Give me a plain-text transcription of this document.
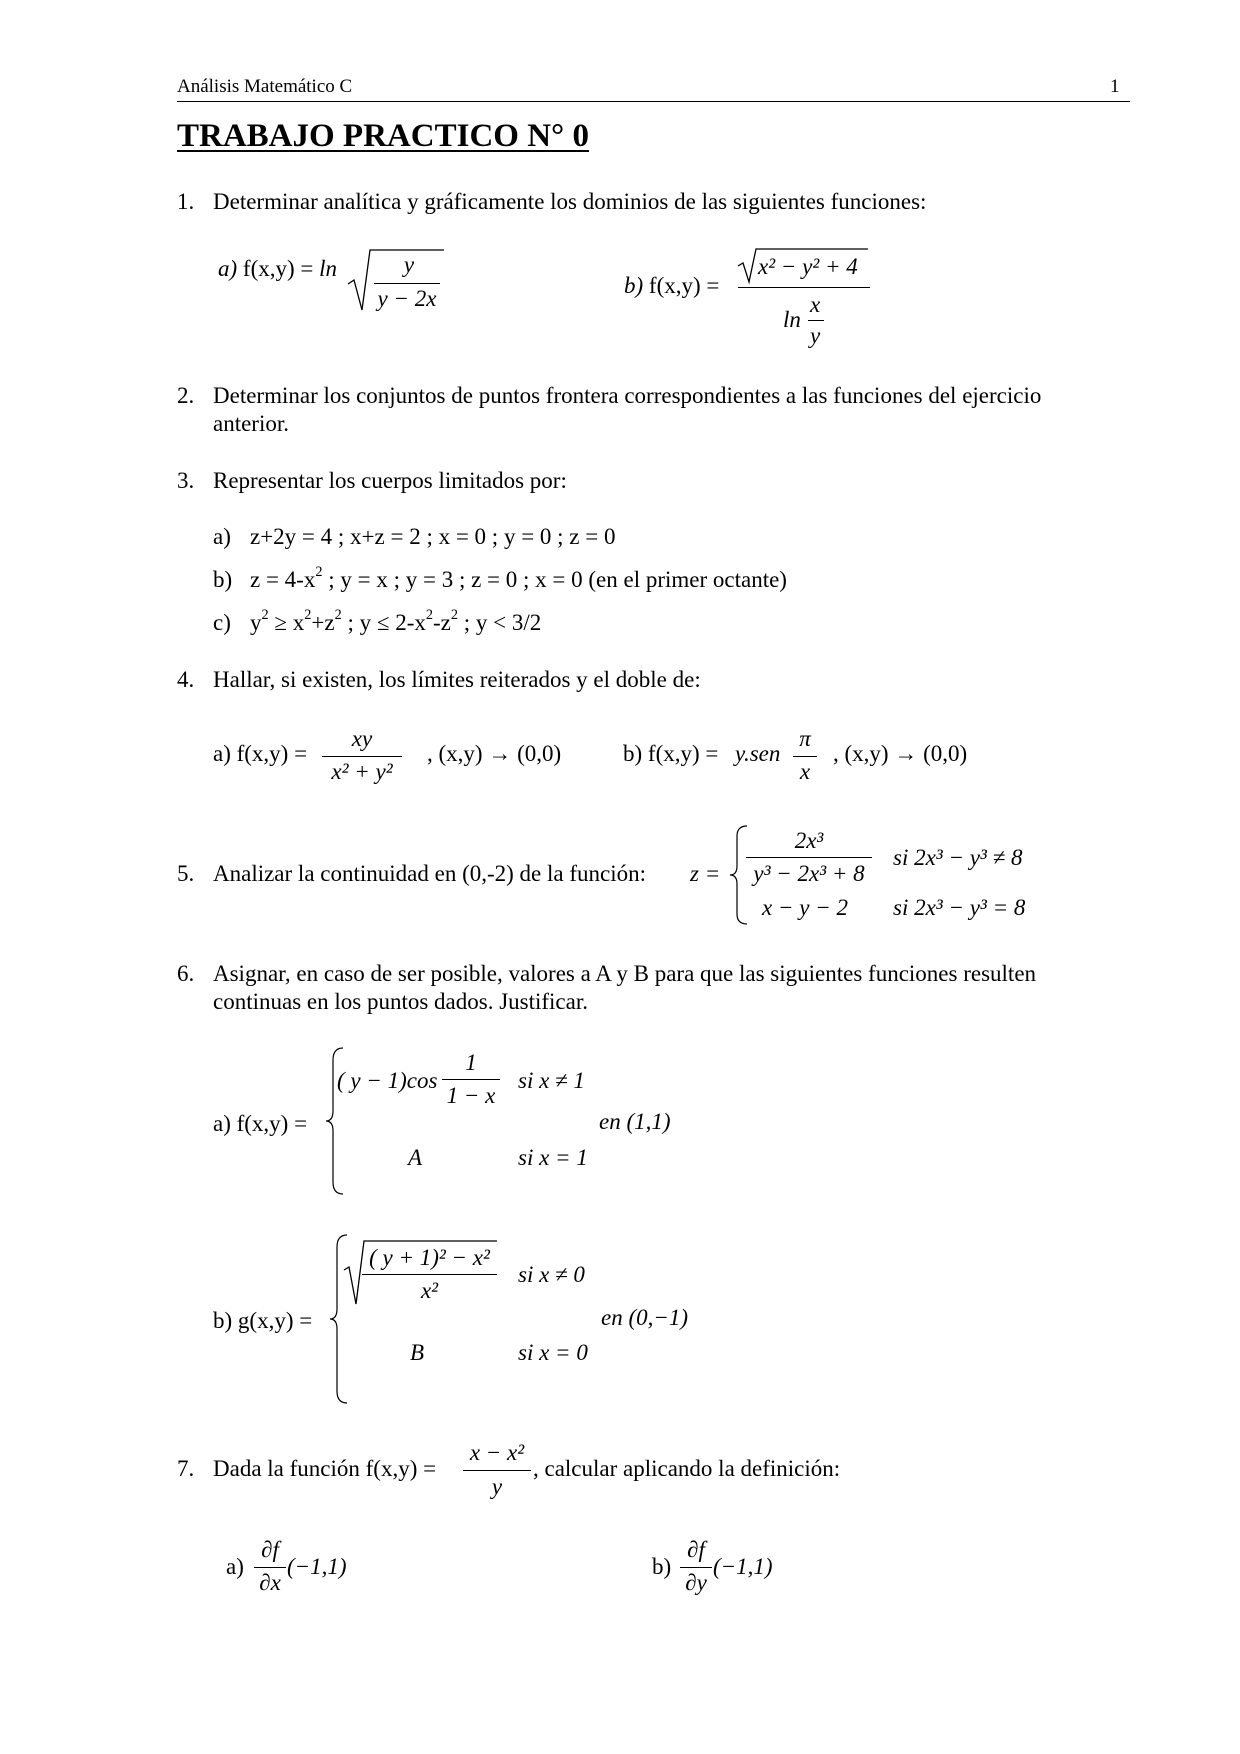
Análisis Matemático C	1
TRABAJO PRACTICO N° 0
1. Determinar analítica y gráficamente los dominios de las siguientes funciones:
a) f(x,y) = ln	y
y − 2x
b) f(x,y) =
x² − y² + 4
ln
x
y
2. Determinar los conjuntos de puntos frontera correspondientes a las funciones del ejercicio
anterior.
3. Representar los cuerpos limitados por:
a) z+2y = 4 ; x+z = 2 ; x = 0 ; y = 0 ; z = 0
b) $z = 4-x^2$ ; y = x ; y = 3 ; z = 0 ; x = 0 (en el primer octante)
c) $y^2 \ge x^2+z^2$ ; $y \le 2-x^2-z^2$ ; y < 3/2
4. Hallar, si existen, los límites reiterados y el doble de:
a) f(x,y) =
xy
x² + y²
, (x,y) → (0,0)	b) f(x,y) = y.sen
π
x
, (x,y) → (0,0)
5. Analizar la continuidad en (0,-2) de la función: z =
2x³
y³ − 2x³ + 8
si 2x³ − y³ ≠ 8
x − y − 2 si 2x³ − y³ = 8
6. Asignar, en caso de ser posible, valores a A y B para que las siguientes funciones resulten
continuas en los puntos dados. Justificar.
a) f(x,y) =
( y − 1)cos
1
1 − x
si x ≠ 1
A	si x = 1
en (1,1)
b) g(x,y) =
( y + 1)² − x²
x²
si x ≠ 0
B	si x = 0
en (0,−1)
7. Dada la función f(x,y) =
x − x²
y
, calcular aplicando la definición:
a)
∂f
∂x
(−1,1)	b)
∂f
∂y
(−1,1)
